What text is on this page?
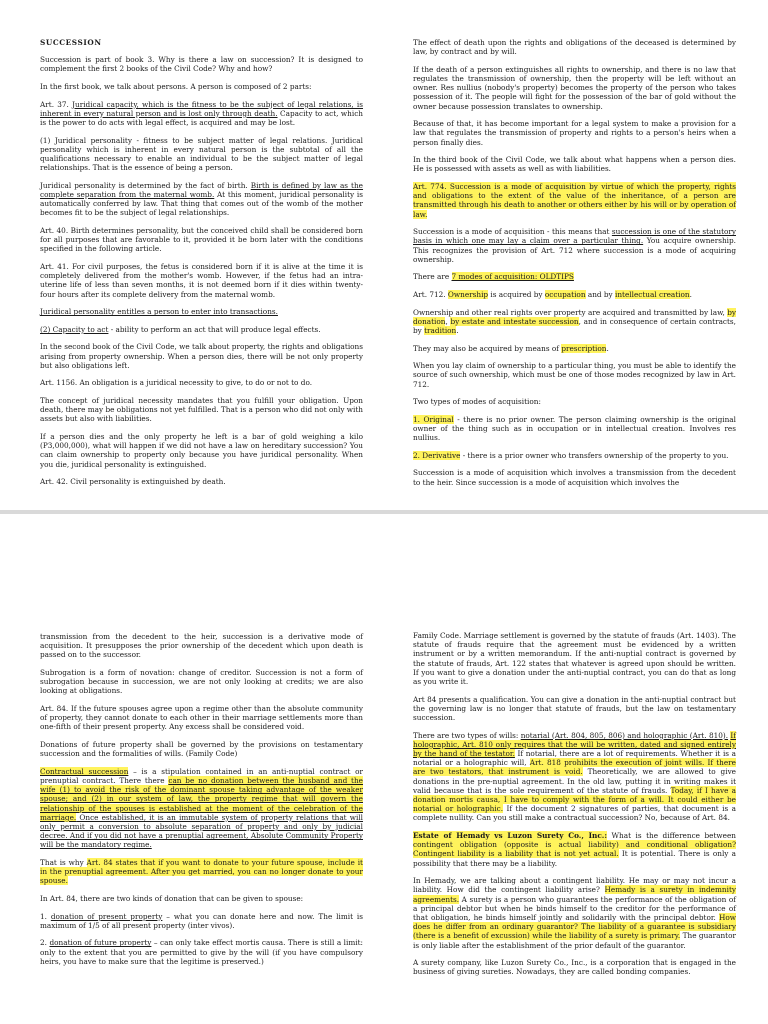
SUCCESSION
Succession is part of book 3. Why is there a law on succession? It is designed to complement the first 2 books of the Civil Code? Why and how?
In the first book, we talk about persons. A person is composed of 2 parts:
Art. 37. Juridical capacity, which is the fitness to be the subject of legal relations, is inherent in every natural person and is lost only through death. Capacity to act, which is the power to do acts with legal effect, is acquired and may be lost.
(1) Juridical personality - fitness to be subject matter of legal relations. Juridical personality which is inherent in every natural person is the subtotal of all the qualifications necessary to enable an individual to be the subject matter of legal relationships. That is the essence of being a person.
Juridical personality is determined by the fact of birth. Birth is defined by law as the complete separation from the maternal womb. At this moment, juridical personality is automatically conferred by law. That thing that comes out of the womb of the mother becomes fit to be the subject of legal relationships.
Art. 40. Birth determines personality, but the conceived child shall be considered born for all purposes that are favorable to it, provided it be born later with the conditions specified in the following article.
Art. 41. For civil purposes, the fetus is considered born if it is alive at the time it is completely delivered from the mother's womb. However, if the fetus had an intra-uterine life of less than seven months, it is not deemed born if it dies within twenty-four hours after its complete delivery from the maternal womb.
Juridical personality entitles a person to enter into transactions.
(2) Capacity to act - ability to perform an act that will produce legal effects.
In the second book of the Civil Code, we talk about property, the rights and obligations arising from property ownership. When a person dies, there will be not only property but also obligations left.
Art. 1156. An obligation is a juridical necessity to give, to do or not to do.
The concept of juridical necessity mandates that you fulfill your obligation. Upon death, there may be obligations not yet fulfilled. That is a person who did not only with assets but also with liabilities.
If a person dies and the only property he left is a bar of gold weighing a kilo (P3,000,000), what will happen if we did not have a law on hereditary succession? You can claim ownership to property only because you have juridical personality. When you die, juridical personality is extinguished.
Art. 42. Civil personality is extinguished by death.
The effect of death upon the rights and obligations of the deceased is determined by law, by contract and by will.
If the death of a person extinguishes all rights to ownership, and there is no law that regulates the transmission of ownership, then the property will be left without an owner. Res nullius (nobody's property) becomes the property of the person who takes possession of it. The people will fight for the possession of the bar of gold without the owner because possession translates to ownership.
Because of that, it has become important for a legal system to make a provision for a law that regulates the transmission of property and rights to a person's heirs when a person finally dies.
In the third book of the Civil Code, we talk about what happens when a person dies. He is possessed with assets as well as with liabilities.
Art. 774. Succession is a mode of acquisition by virtue of which the property, rights and obligations to the extent of the value of the inheritance, of a person are transmitted through his death to another or others either by his will or by operation of law.
Succession is a mode of acquisition - this means that succession is one of the statutory basis in which one may lay a claim over a particular thing. You acquire ownership. This recognizes the provision of Art. 712 where succession is a mode of acquiring ownership.
There are 7 modes of acquisition: OLDTIPS
Art. 712. Ownership is acquired by occupation and by intellectual creation.
Ownership and other real rights over property are acquired and transmitted by law, by donation, by estate and intestate succession, and in consequence of certain contracts, by tradition.
They may also be acquired by means of prescription.
When you lay claim of ownership to a particular thing, you must be able to identify the source of such ownership, which must be one of those modes recognized by law in Art. 712.
Two types of modes of acquisition:
1. Original - there is no prior owner. The person claiming ownership is the original owner of the thing such as in occupation or in intellectual creation. Involves res nullius.
2. Derivative - there is a prior owner who transfers ownership of the property to you.
Succession is a mode of acquisition which involves a transmission from the decedent to the heir. Since succession is a mode of acquisition which involves the
transmission from the decedent to the heir, succession is a derivative mode of acquisition. It presupposes the prior ownership of the decedent which upon death is passed on to the successor.
Subrogation is a form of novation: change of creditor. Succession is not a form of subrogation because in succession, we are not only looking at credits; we are also looking at obligations.
Art. 84. If the future spouses agree upon a regime other than the absolute community of property, they cannot donate to each other in their marriage settlements more than one-fifth of their present property. Any excess shall be considered void.
Donations of future property shall be governed by the provisions on testamentary succession and the formalities of wills. (Family Code)
Contractual succession – is a stipulation contained in an anti-nuptial contract or prenuptial contract. There there can be no donation between the husband and the wife (1) to avoid the risk of the dominant spouse taking advantage of the weaker spouse; and (2) in our system of law, the property regime that will govern the relationship of the spouses is established at the moment of the celebration of the marriage. Once established, it is an immutable system of property relations that will only permit a conversion to absolute separation of property and only by judicial decree. And if you did not have a prenuptial agreement, Absolute Community Property will be the mandatory regime.
That is why Art. 84 states that if you want to donate to your future spouse, include it in the prenuptial agreement. After you get married, you can no longer donate to your spouse.
In Art. 84, there are two kinds of donation that can be given to spouse:
1. donation of present property – what you can donate here and now. The limit is maximum of 1/5 of all present property (inter vivos).
2. donation of future property – can only take effect mortis causa. There is still a limit: only to the extent that you are permitted to give by the will (if you have compulsory heirs, you have to make sure that the legitime is preserved.)
Family Code. Marriage settlement is governed by the statute of frauds (Art. 1403). The statute of frauds require that the agreement must be evidenced by a written instrument or by a written memorandum. If the anti-nuptial contract is governed by the statute of frauds, Art. 122 states that whatever is agreed upon should be written. If you want to give a donation under the anti-nuptial contract, you can do that as long as you write it.
Art 84 presents a qualification. You can give a donation in the anti-nuptial contract but the governing law is no longer that statute of frauds, but the law on testamentary succession.
There are two types of wills: notarial (Art. 804, 805, 806) and holographic (Art. 810). If holographic, Art. 810 only requires that the will be written, dated and signed entirely by the hand of the testator. If notarial, there are a lot of requirements. Whether it is a notarial or a holographic will, Art. 818 prohibits the execution of joint wills. If there are two testators, that instrument is void. Theoretically, we are allowed to give donations in the pre-nuptial agreement. In the old law, putting it in writing makes it valid because that is the sole requirement of the statute of frauds. Today, if I have a donation mortis causa, I have to comply with the form of a will. It could either be notarial or holographic. If the document 2 signatures of parties, that document is a complete nullity. Can you still make a contractual succession? No, because of Art. 84.
Estate of Hemady vs Luzon Surety Co., Inc.: What is the difference between contingent obligation (opposite is actual liability) and conditional obligation? Contingent liability is a liability that is not yet actual. It is potential. There is only a possibility that there may be a liability.
In Hemady, we are talking about a contingent liability. He may or may not incur a liability. How did the contingent liability arise? Hemady is a surety in indemnity agreements. A surety is a person who guarantees the performance of the obligation of a principal debtor but when he binds himself to the creditor for the performance of that obligation, he binds himself jointly and solidarily with the principal debtor. How does he differ from an ordinary guarantor? The liability of a guarantee is subsidiary (there is a benefit of excussion) while the liability of a surety is primary. The guarantor is only liable after the establishment of the prior default of the guarantor.
A surety company, like Luzon Surety Co., Inc., is a corporation that is engaged in the business of giving sureties. Nowadays, they are called bonding companies.
